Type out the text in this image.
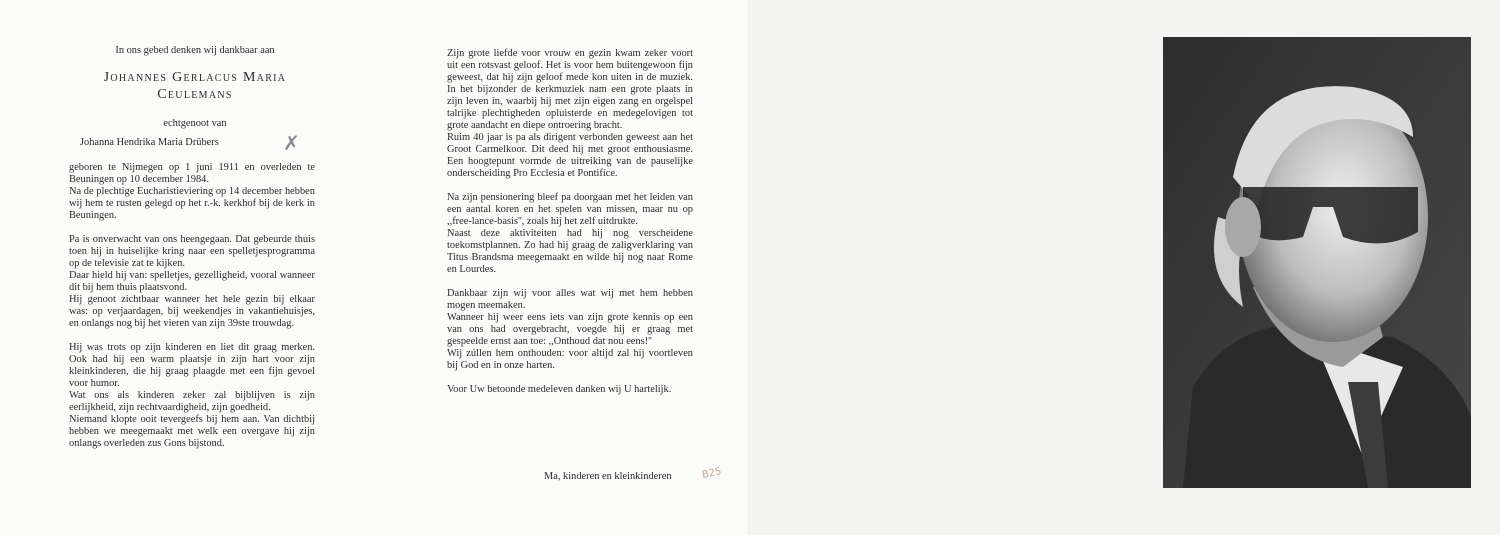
In ons gebed denken wij dankbaar aan
Johannes Gerlacus Maria
Ceulemans
echtgenoot van
Johanna Hendrika Maria Drübers	✗

geboren te Nijmegen op 1 juni 1911 en overleden te Beuningen op 10 december 1984.
Na de plechtige Eucharistieviering op 14 december hebben wij hem te rusten gelegd op het r.-k. kerkhof bij de kerk in Beuningen.

Pa is onverwacht van ons heengegaan. Dat gebeurde thuis toen hij in huiselijke kring naar een spelletjesprogramma op de televisie zat te kijken.
Daar hield hij van: spelletjes, gezelligheid, vooral wanneer dit bij hem thuis plaatsvond.
Hij genoot zichtbaar wanneer het hele gezin bij elkaar was: op verjaardagen, bij weekendjes in vakantiehuisjes, en onlangs nog bij het vieren van zijn 39ste trouwdag.

Hij was trots op zijn kinderen en liet dit graag merken. Ook had hij een warm plaatsje in zijn hart voor zijn kleinkinderen, die hij graag plaagde met een fijn gevoel voor humor.
Wat ons als kinderen zeker zal bijblijven is zijn eerlijkheid, zijn rechtvaardigheid, zijn goedheid.
Niemand klopte ooit tevergeefs bij hem aan. Van dichtbij hebben we meegemaakt met welk een overgave hij zijn onlangs overleden zus Gons bijstond.

Zijn grote liefde voor vrouw en gezin kwam zeker voort uit een rotsvast geloof. Het is voor hem buitengewoon fijn geweest, dat hij zijn geloof mede kon uiten in de muziek. In het bijzonder de kerkmuziek nam een grote plaats in zijn leven in, waarbij hij met zijn eigen zang en orgelspel talrijke plechtigheden opluisterde en medegelovigen tot grote aandacht en diepe ontroering bracht.
Ruim 40 jaar is pa als dirigent verbonden geweest aan het Groot Carmelkoor. Dit deed hij met groot enthousiasme. Een hoogtepunt vormde de uitreiking van de pauselijke onderscheiding Pro Ecclesia et Pontifice.

Na zijn pensionering bleef pa doorgaan met het leiden van een aantal koren en het spelen van missen, maar nu op ,,free-lance-basis'', zoals hij het zelf uitdrukte.
Naast deze aktiviteiten had hij nog verscheidene toekomstplannen. Zo had hij graag de zaligverklaring van Titus Brandsma meegemaakt en wilde hij nog naar Rome en Lourdes.

Dankbaar zijn wij voor alles wat wij met hem hebben mogen meemaken.
Wanneer hij weer eens iets van zijn grote kennis op een van ons had overgebracht, voegde hij er graag met gespeelde ernst aan toe: ,,Onthoud dat nou eens!''
Wij zúllen hem onthouden: voor altijd zal hij voortleven bij God en in onze harten.

Voor Uw betoonde medeleven danken wij U hartelijk.

Ma, kinderen en kleinkinderen	B25
